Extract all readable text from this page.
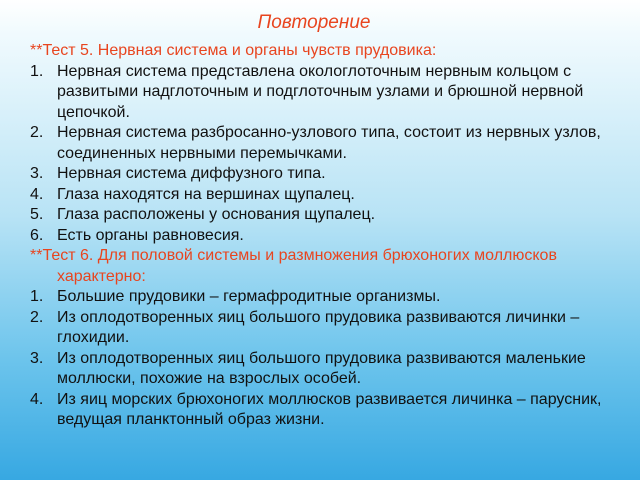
Повторение
**Тест 5. Нервная система и органы чувств прудовика:
1. Нервная система представлена окологлоточным нервным кольцом с развитыми надглоточным и подглоточным узлами и брюшной нервной цепочкой.
2. Нервная система разбросанно-узлового типа, состоит из нервных узлов, соединенных нервными перемычками.
3. Нервная система диффузного типа.
4. Глаза находятся на вершинах щупалец.
5. Глаза расположены у основания щупалец.
6. Есть органы равновесия.
**Тест 6. Для половой системы и размножения брюхоногих моллюсков характерно:
1. Большие прудовики – гермафродитные организмы.
2. Из оплодотворенных яиц большого прудовика развиваются личинки – глохидии.
3. Из оплодотворенных яиц большого прудовика развиваются маленькие моллюски, похожие на взрослых особей.
4. Из яиц морских брюхоногих моллюсков развивается личинка – парусник, ведущая планктонный образ жизни.
